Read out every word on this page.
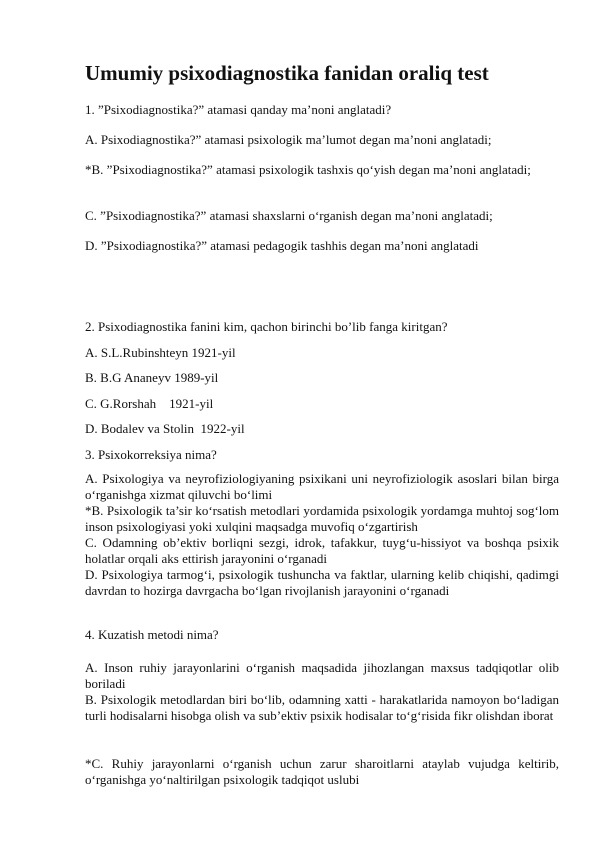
Umumiy psixodiagnostika fanidan oraliq test

1. ”Psixodiagnostika?” atamasi qanday ma’noni anglatadi?

A. Psixodiagnostika?” atamasi psixologik ma’lumot degan ma’noni anglatadi;

*B. ”Psixodiagnostika?” atamasi psixologik tashxis qo‘yish degan ma’noni anglatadi;

C. ”Psixodiagnostika?” atamasi shaxslarni o‘rganish degan ma’noni anglatadi;

D. ”Psixodiagnostika?” atamasi pedagogik tashhis degan ma’noni anglatadi

2. Psixodiagnostika fanini kim, qachon birinchi bo’lib fanga kiritgan?

A. S.L.Rubinshteyn 1921-yil

B. B.G Ananeyv 1989-yil

C. G.Rorshah    1921-yil

D. Bodalev va Stolin  1922-yil

3. Psixokorreksiya nima?

A. Psixologiya va neyrofiziologiyaning psixikani uni neyrofiziologik asoslari bilan birga o‘rganishga xizmat qiluvchi bo‘limi

*B. Psixologik ta’sir ko‘rsatish metodlari yordamida psixologik yordamga muhtoj sog‘lom inson psixologiyasi yoki xulqini maqsadga muvofiq o‘zgartirish

C. Odamning ob’ektiv borliqni sezgi, idrok, tafakkur, tuyg‘u-hissiyot va boshqa psixik holatlar orqali aks ettirish jarayonini o‘rganadi

D. Psixologiya tarmog‘i, psixologik tushuncha va faktlar, ularning kelib chiqishi, qadimgi davrdan to hozirga davrgacha bo‘lgan rivojlanish jarayonini o‘rganadi

4. Kuzatish metodi nima?

A. Inson ruhiy jarayonlarini o‘rganish maqsadida jihozlangan maxsus tadqiqotlar olib boriladi

B. Psixologik metodlardan biri bo‘lib, odamning xatti - harakatlarida namoyon bo‘ladigan turli hodisalarni hisobga olish va sub’ektiv psixik hodisalar to‘g‘risida fikr olishdan iborat

*C. Ruhiy jarayonlarni o‘rganish uchun zarur sharoitlarni ataylab vujudga keltirib, o‘rganishga yo‘naltirilgan psixologik tadqiqot uslubi
